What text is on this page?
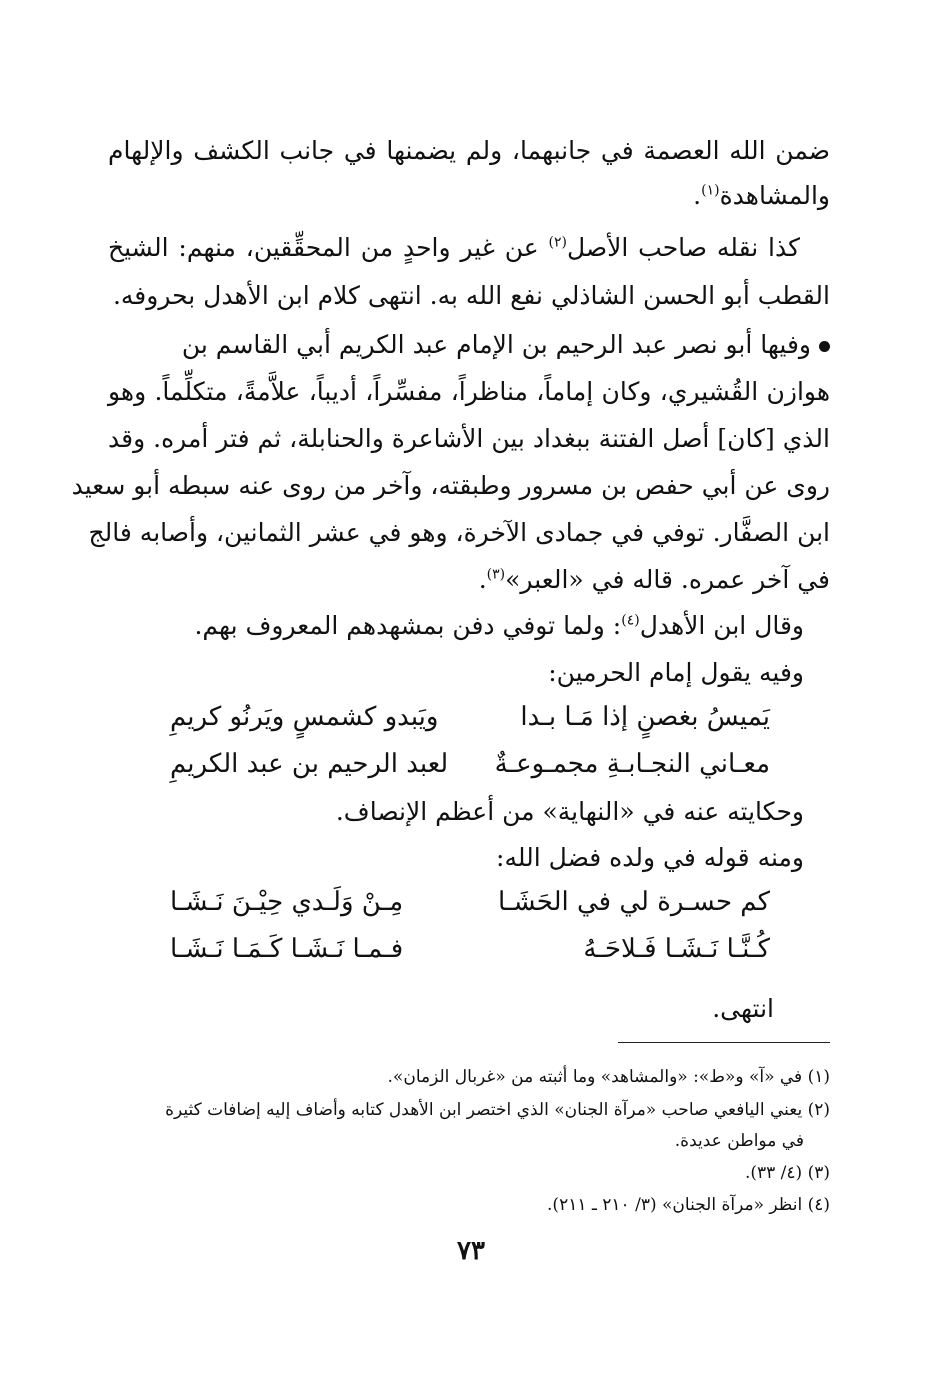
ضمن الله العصمة في جانبهما، ولم يضمنها في جانب الكشف والإلهام
والمشاهدة$^{(١)}$.
كذا نقله صاحب الأصل$^{(٢)}$ عن غير واحدٍ من المحقِّقين، منهم: الشيخ
القطب أبو الحسن الشاذلي نفع الله به. انتهى كلام ابن الأهدل بحروفه.
وفيها أبو نصر عبد الرحيم بن الإمام عبد الكريم أبي القاسم بن
هوازن القُشيري، وكان إماماً، مناظراً، مفسِّراً، أديباً، علاَّمةً، متكلِّماً. وهو
الذي [كان] أصل الفتنة ببغداد بين الأشاعرة والحنابلة، ثم فتر أمره. وقد
روى عن أبي حفص بن مسرور وطبقته، وآخر من روى عنه سبطه أبو سعيد
ابن الصفَّار. توفي في جمادى الآخرة، وهو في عشر الثمانين، وأصابه فالج
في آخر عمره. قاله في «العبر»$^{(٣)}$.
وقال ابن الأهدل$^{(٤)}$: ولما توفي دفن بمشهدهم المعروف بهم.
وفيه يقول إمام الحرمين:
يَميسُ بغصنٍ إذا مَـا بـدا
ويَبدو كشمسٍ ويَرنُو كريمِ
معـاني النجـابـةِ مجمـوعـةٌ
لعبد الرحيم بن عبد الكريمِ
وحكايته عنه في «النهاية» من أعظم الإنصاف.
ومنه قوله في ولده فضل الله:
كم حسـرة لي في الحَشَـا
مِـنْ وَلَـدي حِيْـنَ نَـشَـا
كُـنَّـا نَـشَـا فَـلاحَـهُ
فـمـا نَـشَـا كَـمَـا نَـشَـا
انتهى.
(١) في «آ» و«ط»: «والمشاهد» وما أثبته من «غربال الزمان».
(٢) يعني اليافعي صاحب «مرآة الجنان» الذي اختصر ابن الأهدل كتابه وأضاف إليه إضافات كثيرة
في مواطن عديدة.
(٣) (٤/ ٣٣).
(٤) انظر «مرآة الجنان» (٣/ ٢١٠ ـ ٢١١).
٧٣
